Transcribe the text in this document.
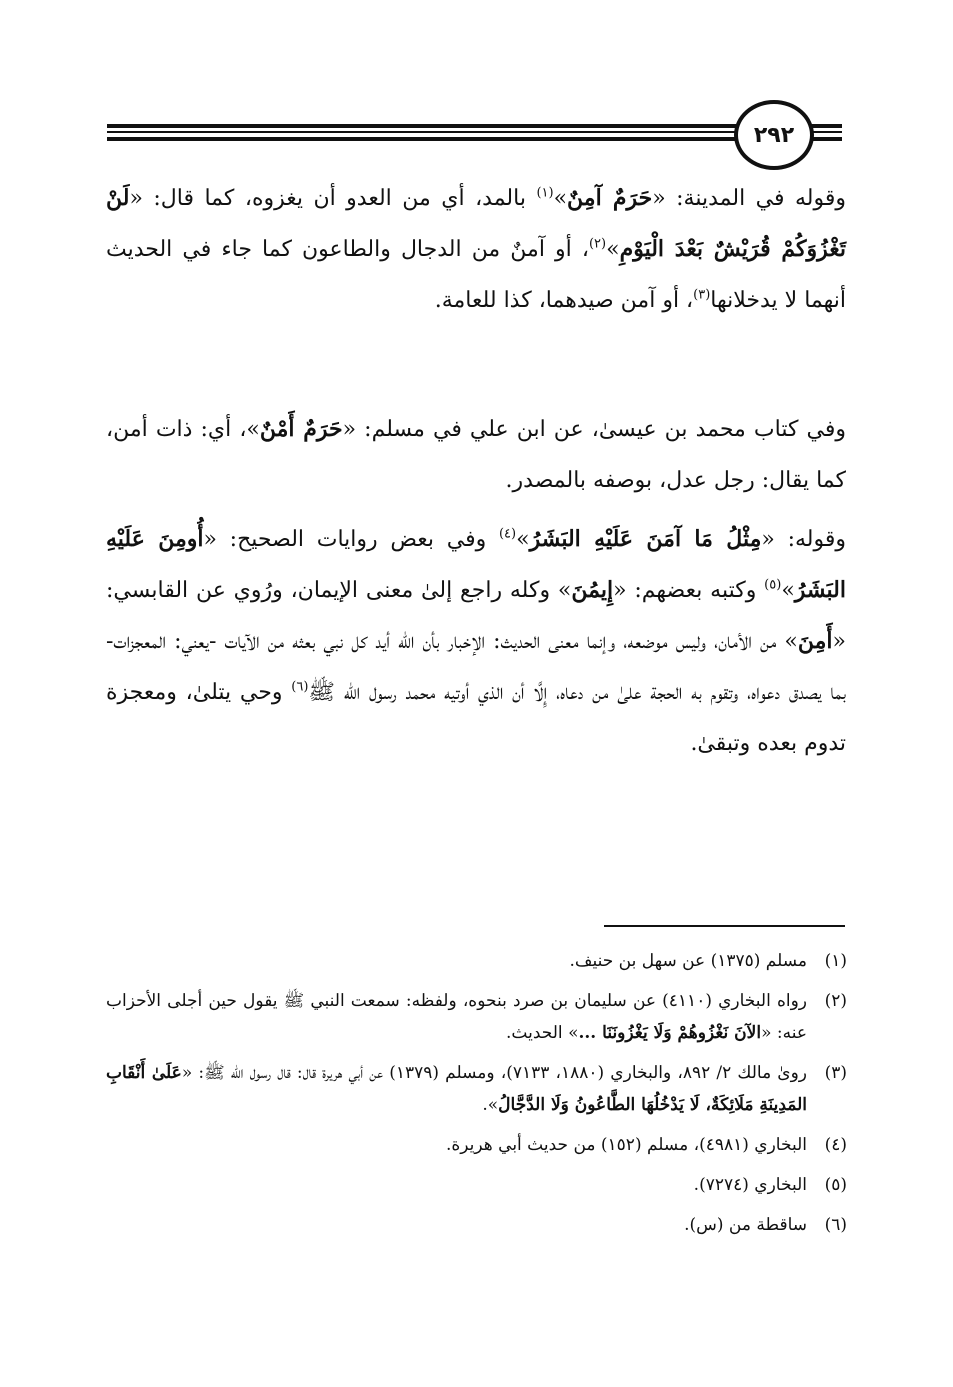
٢٩٢

وقوله في المدينة: «حَرَمٌ آمِنٌ»$^{(١)}$ بالمد، أي من العدو أن يغزوه، كما قال: «لَنْ تَغْزُوَكُمْ قُرَيْشٌ بَعْدَ الْيَوْمِ»$^{(٢)}$، أو آمنٌ من الدجال والطاعون كما جاء في الحديث أنهما لا يدخلانها$^{(٣)}$، أو آمن صيدهما، كذا للعامة.

وفي كتاب محمد بن عيسىٰ، عن ابن علي في مسلم: «حَرَمٌ أَمْنٌ»، أي: ذات أمن، كما يقال: رجل عدل، بوصفه بالمصدر.

وقوله: «مِثْلُ مَا آمَنَ عَلَيْهِ البَشَرُ»$^{(٤)}$ وفي بعض روايات الصحيح: «أُومِنَ عَلَيْهِ البَشَرُ»$^{(٥)}$ وكتبه بعضهم: «إِيمُنَ» وكله راجع إلىٰ معنى الإيمان، ورُوي عن القابسي: «أَمِنَ» من الأمان، وليس موضعه، وإنما معنى الحديث: الإخبار بأن الله أيد كل نبي بعثه من الآيات -يعني: المعجزات- بما يصدق دعواه، وتقوم به الحجة علىٰ من دعاه، إِلَّا أن الذي أوتيه محمد رسول الله ﷺ$^{(٦)}$ وحي يتلىٰ، ومعجزة تدوم بعده وتبقىٰ.

(١)
مسلم (١٣٧٥) عن سهل بن حنيف.
(٢)
رواه البخاري (٤١١٠) عن سليمان بن صرد بنحوه، ولفظه: سمعت النبي ﷺ يقول حين أجلى الأحزاب عنه: «الآنَ نَغْزُوهُمْ وَلَا يَغْزُونَنَا ...» الحديث.
(٣)
رویٰ مالك ٢/ ٨٩٢، والبخاري (١٨٨٠، ٧١٣٣)، ومسلم (١٣٧٩) عن أبي هريرة قال: قال رسول الله ﷺ: «عَلَىٰ أَنْقَابِ المَدِينَةِ مَلَائِكَةٌ، لَا يَدْخُلُهَا الطَّاعُونُ وَلَا الدَّجَّالُ».
(٤)
البخاري (٤٩٨١)، مسلم (١٥٢) من حديث أبي هريرة.
(٥)
البخاري (٧٢٧٤).
(٦)
ساقطة من (س).
